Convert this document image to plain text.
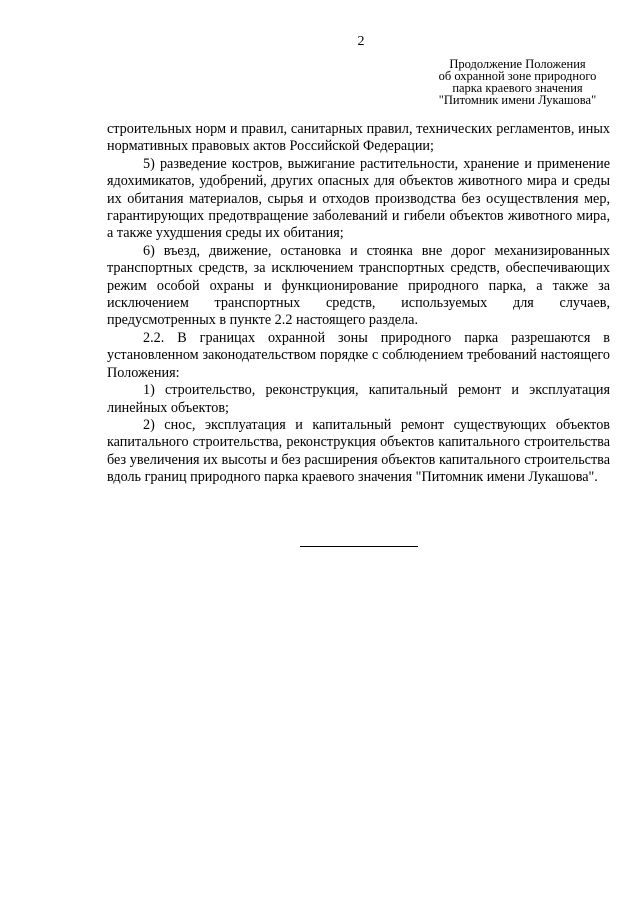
2
Продолжение Положения
об охранной зоне природного
парка краевого значения
"Питомник имени Лукашова"

строительных норм и правил, санитарных правил, технических регламентов, иных нормативных правовых актов Российской Федерации;

5) разведение костров, выжигание растительности, хранение и применение ядохимикатов, удобрений, других опасных для объектов животного мира и среды их обитания материалов, сырья и отходов производства без осуществления мер, гарантирующих предотвращение заболеваний и гибели объектов животного мира, а также ухудшения среды их обитания;

6) въезд, движение, остановка и стоянка вне дорог механизированных транспортных средств, за исключением транспортных средств, обеспечивающих режим особой охраны и функционирование природного парка, а также за исключением транспортных средств, используемых для случаев, предусмотренных в пункте 2.2 настоящего раздела.

2.2. В границах охранной зоны природного парка разрешаются в установленном законодательством порядке с соблюдением требований настоящего Положения:

1) строительство, реконструкция, капитальный ремонт и эксплуатация линейных объектов;

2) снос, эксплуатация и капитальный ремонт существующих объектов капитального строительства, реконструкция объектов капитального строительства без увеличения их высоты и без расширения объектов капитального строительства вдоль границ природного парка краевого значения "Питомник имени Лукашова".
